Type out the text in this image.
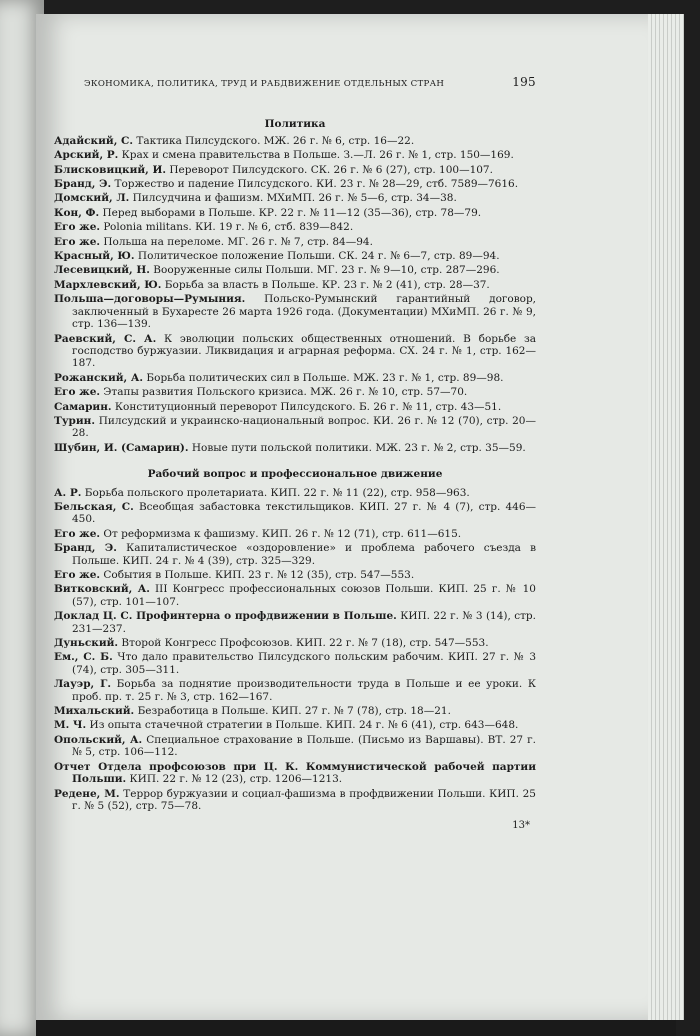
ЭКОНОМИКА, ПОЛИТИКА, ТРУД И РАБДВИЖЕНИЕ ОТДЕЛЬНЫХ СТРАН	195
Политика
Адайский, С. Тактика Пилсудского. МЖ. 26 г. № 6, стр. 16—22.
Арский, Р. Крах и смена правительства в Польше. З.—Л. 26 г. № 1, стр. 150—169.
Блисковицкий, И. Переворот Пилсудского. СК. 26 г. № 6 (27), стр. 100—107.
Бранд, Э. Торжество и падение Пилсудского. КИ. 23 г. № 28—29, стб. 7589—7616.
Домский, Л. Пилсудчина и фашизм. МХиМП. 26 г. № 5—6, стр. 34—38.
Кон, Ф. Перед выборами в Польше. КР. 22 г. № 11—12 (35—36), стр. 78—79.
Его же. Polonia militans. КИ. 19 г. № 6, стб. 839—842.
Его же. Польша на переломе. МГ. 26 г. № 7, стр. 84—94.
Красный, Ю. Политическое положение Польши. СК. 24 г. № 6—7, стр. 89—94.
Лесевицкий, Н. Вооруженные силы Польши. МГ. 23 г. № 9—10, стр. 287—296.
Мархлевский, Ю. Борьба за власть в Польше. КР. 23 г. № 2 (41), стр. 28—37.
Польша—договоры—Румыния. Польско-Румынский гарантийный договор, заключенный в Бухаресте 26 марта 1926 года. (Документации) МХиМП. 26 г. № 9, стр. 136—139.
Раевский, С. А. К эволюции польских общественных отношений. В борьбе за господство буржуазии. Ликвидация и аграрная реформа. СХ. 24 г. № 1, стр. 162—187.
Рожанский, А. Борьба политических сил в Польше. МЖ. 23 г. № 1, стр. 89—98.
Его же. Этапы развития Польского кризиса. МЖ. 26 г. № 10, стр. 57—70.
Самарин. Конституционный переворот Пилсудского. Б. 26 г. № 11, стр. 43—51.
Турин. Пилсудский и украинско-национальный вопрос. КИ. 26 г. № 12 (70), стр. 20—28.
Шубин, И. (Самарин). Новые пути польской политики. МЖ. 23 г. № 2, стр. 35—59.
Рабочий вопрос и профессиональное движение
А. Р. Борьба польского пролетариата. КИП. 22 г. № 11 (22), стр. 958—963.
Бельская, С. Всеобщая забастовка текстильщиков. КИП. 27 г. № 4 (7), стр. 446—450.
Его же. От реформизма к фашизму. КИП. 26 г. № 12 (71), стр. 611—615.
Бранд, Э. Капиталистическое «оздоровление» и проблема рабочего съезда в Польше. КИП. 24 г. № 4 (39), стр. 325—329.
Его же. События в Польше. КИП. 23 г. № 12 (35), стр. 547—553.
Витковский, А. III Конгресс профессиональных союзов Польши. КИП. 25 г. № 10 (57), стр. 101—107.
Доклад Ц. С. Профинтерна о профдвижении в Польше. КИП. 22 г. № 3 (14), стр. 231—237.
Дуньский. Второй Конгресс Профсоюзов. КИП. 22 г. № 7 (18), стр. 547—553.
Ем., С. Б. Что дало правительство Пилсудского польским рабочим. КИП. 27 г. № 3 (74), стр. 305—311.
Лауэр, Г. Борьба за поднятие производительности труда в Польше и ее уроки. К проб. пр. т. 25 г. № 3, стр. 162—167.
Михальский. Безработица в Польше. КИП. 27 г. № 7 (78), стр. 18—21.
М. Ч. Из опыта стачечной стратегии в Польше. КИП. 24 г. № 6 (41), стр. 643—648.
Опольский, А. Специальное страхование в Польше. (Письмо из Варшавы). ВТ. 27 г. № 5, стр. 106—112.
Отчет Отдела профсоюзов при Ц. К. Коммунистической рабочей партии Польши. КИП. 22 г. № 12 (23), стр. 1206—1213.
Редене, М. Террор буржуазии и социал-фашизма в профдвижении Польши. КИП. 25 г. № 5 (52), стр. 75—78.
13*
